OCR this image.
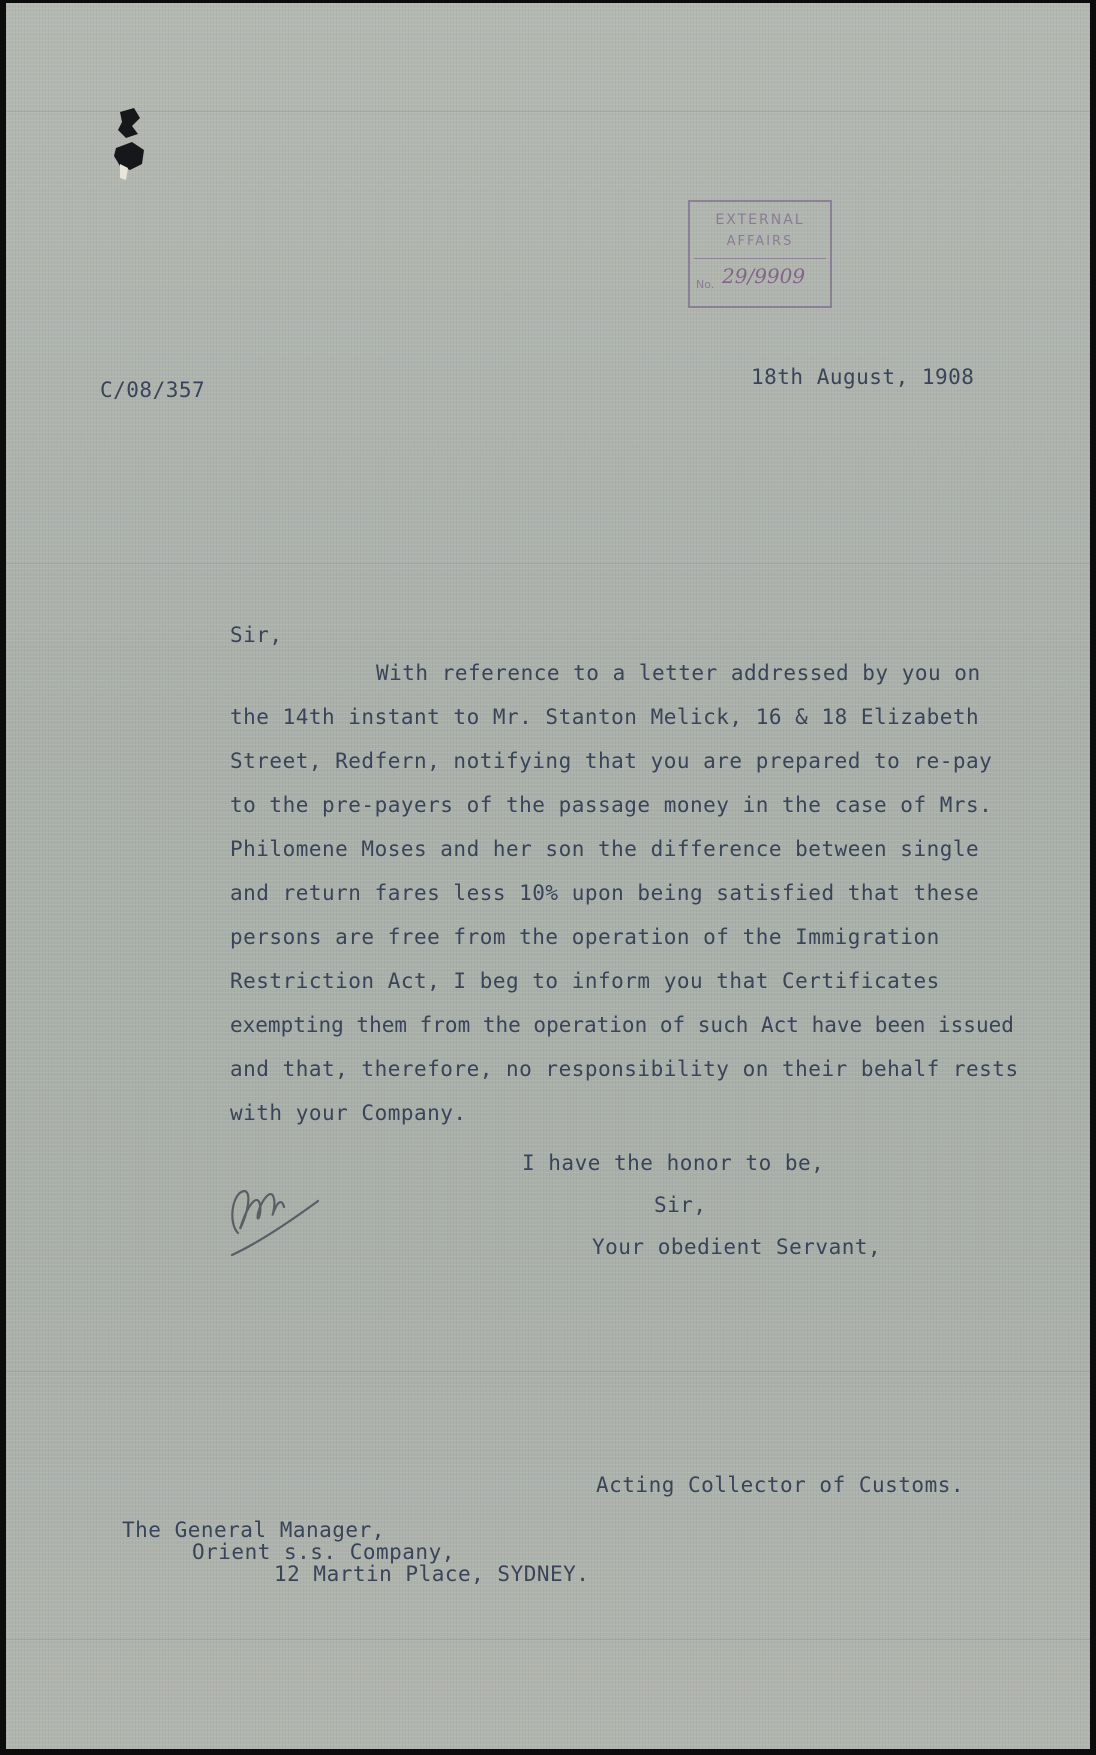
EXTERNAL
AFFAIRS
No. 29/9909
C/08/357
18th August, 1908
Sir,
With reference to a letter addressed by you on
the 14th instant to Mr. Stanton Melick, 16 & 18 Elizabeth
Street, Redfern, notifying that you are prepared to re-pay
to the pre-payers of the passage money in the case of Mrs.
Philomene Moses and her son the difference between single
and return fares less 10% upon being satisfied that these
persons are free from the operation of the Immigration
Restriction Act, I beg to inform you that Certificates
exempting them from the operation of such Act have been issued
and that, therefore, no responsibility on their behalf rests
with your Company.
I have the honor to be,
Sir,
Your obedient Servant,
Acting Collector of Customs.
The General Manager,
Orient s.s. Company,
12 Martin Place, SYDNEY.
